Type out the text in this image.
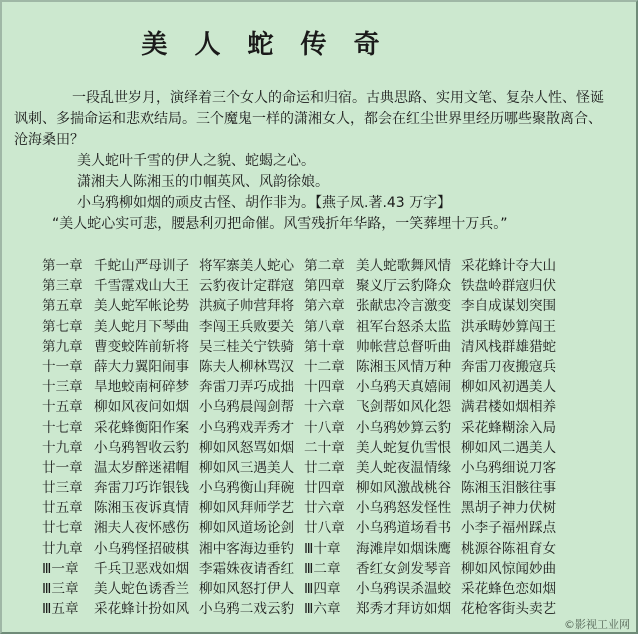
美 人 蛇 传 奇

一段乱世岁月，演绎着三个女人的命运和归宿。古典思路、实用文笔、复杂人性、怪诞讽刺、多揣命运和悲欢结局。三个魔鬼一样的潇湘女人，都会在红尘世界里经历哪些聚散离合、沧海桑田？

美人蛇叶千雪的伊人之貌、蛇蝎之心。

潇湘夫人陈湘玉的巾帼英风、风韵徐娘。

小乌鸦柳如烟的顽皮古怪、胡作非为。【燕子凤.著.43 万字】

“美人蛇心实可悲，腰悬利刃把命催。风雪残折年华路，一笑葬埋十万兵。”

第一章 千蛇山严母训子 将军寨美人蛇心 第二章 美人蛇歌舞风情 采花蜂计夺大山
第三章 千雪霪戏山大王 云豹夜计定群寇 第四章 聚义厅云豹降众 铁盘岭群寇归伏
第五章 美人蛇军帐论势 洪疯子帅营拜将 第六章 张献忠冷言激变 李自成谋划突围
第七章 美人蛇月下琴曲 李闯王兵败要关 第八章 祖军台怒杀太监 洪承畴妙算闯王
第九章 曹变蛟阵前斩将 吴三桂关宁铁骑 第十章 帅帐营总督听曲 清风栈群雄猎蛇
十一章 薛大力翼阳闹事 陈夫人柳林骂汉 十二章 陈湘玉风情万种 奔雷刀夜搬寇兵
十三章 旱地蛟南柯碎梦 奔雷刀弄巧成拙 十四章 小乌鸦天真嬉闹 柳如风初遇美人
十五章 柳如风夜问如烟 小乌鸦晨闯剑帮 十六章 飞剑帮如风化怨 满君楼如烟相养
十七章 采花蜂衡阳作案 小乌鸦戏弄秀才 十八章 小乌鸦妙算云豹 采花蜂糊涂入局
十九章 小乌鸦智收云豹 柳如风怒骂如烟 二十章 美人蛇复仇雪恨 柳如风二遇美人
廿一章 温太岁醉迷裙帽 柳如风三遇美人 廿二章 美人蛇夜温情缘 小乌鸦细说刀客
廿三章 奔雷刀巧诈银钱 小乌鸦衡山拜碗 廿四章 柳如风激战桃谷 陈湘玉泪骸往事
廿五章 陈湘玉夜诉真情 柳如风拜师学艺 廿六章 小乌鸦怒发怪性 黑胡子神力伏树
廿七章 湘夫人夜怀感伤 柳如风道场论剑 廿八章 小乌鸦道场看书 小李子福州踩点
廿九章 小乌鸦怪招破棋 湘中客海边垂钓 Ⅲ十章 海滩岸如烟诛鹰 桃源谷陈祖育女
Ⅲ一章 千兵卫恶戏如烟 李霜姝夜请香红 Ⅲ二章 香红女剑发琴音 柳如风惊闻妙曲
Ⅲ三章 美人蛇色诱香兰 柳如风怒打伊人 Ⅲ四章 小乌鸦误杀温蛟 采花蜂色恋如烟
Ⅲ五章 采花蜂计扮如风 小乌鸦二戏云豹 Ⅲ六章 郑秀才拜访如烟 花枪客街头卖艺
©影视工业网
